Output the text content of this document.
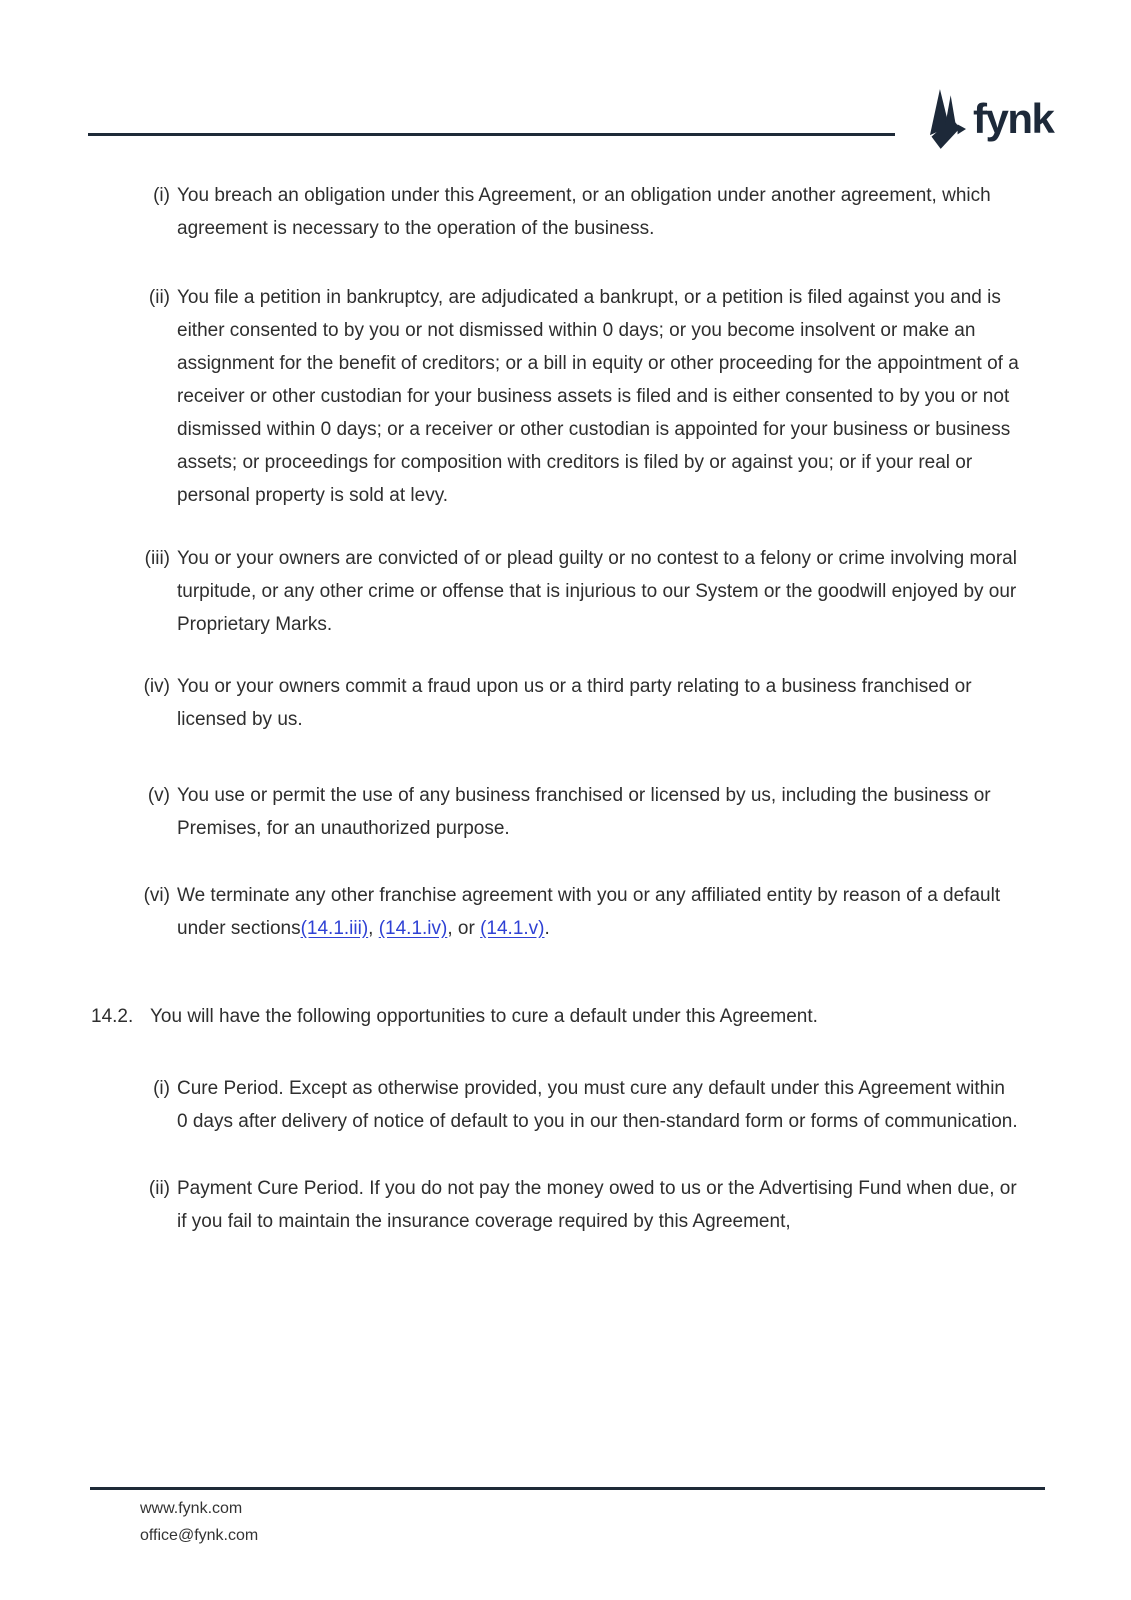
fynk
(i) You breach an obligation under this Agreement, or an obligation under another agreement, which agreement is necessary to the operation of the business.
(ii) You file a petition in bankruptcy, are adjudicated a bankrupt, or a petition is filed against you and is either consented to by you or not dismissed within 0 days; or you become insolvent or make an assignment for the benefit of creditors; or a bill in equity or other proceeding for the appointment of a receiver or other custodian for your business assets is filed and is either consented to by you or not dismissed within 0 days; or a receiver or other custodian is appointed for your business or business assets; or proceedings for composition with creditors is filed by or against you; or if your real or personal property is sold at levy.
(iii) You or your owners are convicted of or plead guilty or no contest to a felony or crime involving moral turpitude, or any other crime or offense that is injurious to our System or the goodwill enjoyed by our Proprietary Marks.
(iv) You or your owners commit a fraud upon us or a third party relating to a business franchised or licensed by us.
(v) You use or permit the use of any business franchised or licensed by us, including the business or Premises, for an unauthorized purpose.
(vi) We terminate any other franchise agreement with you or any affiliated entity by reason of a default under sections(14.1.iii), (14.1.iv), or (14.1.v).
14.2. You will have the following opportunities to cure a default under this Agreement.
(i) Cure Period. Except as otherwise provided, you must cure any default under this Agreement within 0 days after delivery of notice of default to you in our then-standard form or forms of communication.
(ii) Payment Cure Period. If you do not pay the money owed to us or the Advertising Fund when due, or if you fail to maintain the insurance coverage required by this Agreement,
www.fynk.com
office@fynk.com
